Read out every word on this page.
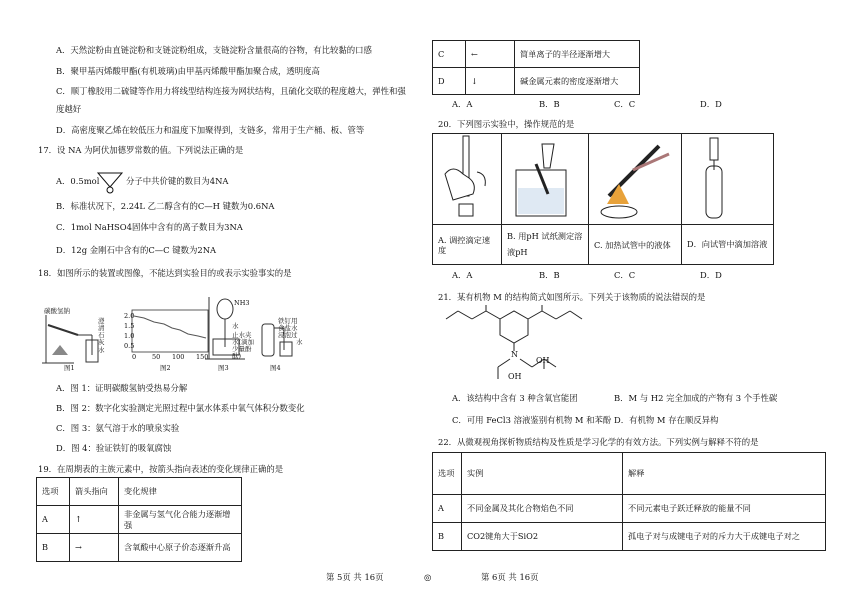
A．天然淀粉由直链淀粉和支链淀粉组成，支链淀粉含量很高的谷物，有比较黏的口感
B．聚甲基丙烯酸甲酯(有机玻璃)由甲基丙烯酸甲酯加聚合成，透明度高
C．顺丁橡胶用二硫键等作用力将线型结构连接为网状结构，且硫化交联的程度越大，弹性和强
度越好
D．高密度聚乙烯在较低压力和温度下加聚得到，支链多，常用于生产桶、板、管等
17．设 NA 为阿伏加德罗常数的值。下列说法正确的是
A．0.5mol	分子中共价键的数目为4NA
B．标准状况下，2.24L 乙二醇含有的C—H 键数为0.6NA
C．1mol NaHSO4固体中含有的离子数目为3NA
D．12g 金刚石中含有的C—C 键数为2NA
18．如图所示的装置或图像，不能达到实验目的或表示实验事实的是
碳酸氢钠
澄清石灰水
图1
2.0
1.5
1.0
0.5
0 50 100 150
图2
NH3
水
止水夹 水(滴加少量酚酞)
图3
铁钉用食盐水浸泡过
水
图4
A．图 1：证明碳酸氢钠受热易分解
B．图 2：数字化实验测定光照过程中氯水体系中氧气体积分数变化
C．图 3：氨气溶于水的喷泉实验
D．图 4：验证铁钉的吸氧腐蚀
19．在周期表的主族元素中，按箭头指向表述的变化规律正确的是
选项	箭头指向	变化规律
A	↑	非金属与氢气化合能力逐渐增强
B	→	含氧酸中心原子价态逐渐升高
C	←	简单离子的半径逐渐增大
D	↓	碱金属元素的密度逐渐增大
A．A	B．B	C．C	D．D
20．下列图示实验中，操作规范的是

A. 调控滴定速度	B. 用pH 试纸测定溶液pH	C. 加热试管中的液体	D．向试管中滴加溶液
A．A	B．B	C．C	D．D
21．某有机物 M 的结构简式如图所示。下列关于该物质的说法错误的是
N
OH
OH
A．该结构中含有 3 种含氧官能团	B．M 与 H2 完全加成的产物有 3 个手性碳
C．可用 FeCl3 溶液鉴别有机物 M 和苯酚 D．有机物 M 存在顺反异构
22．从微观视角探析物质结构及性质是学习化学的有效方法。下列实例与解释不符的是
选项	实例	解释
A	不同金属及其化合物焰色不同	不同元素电子跃迁释放的能量不同
B	CO2键角大于SiO2	孤电子对与成键电子对的斥力大于成键电子对之
第 5页 共 16页	◎	第 6页 共 16页
